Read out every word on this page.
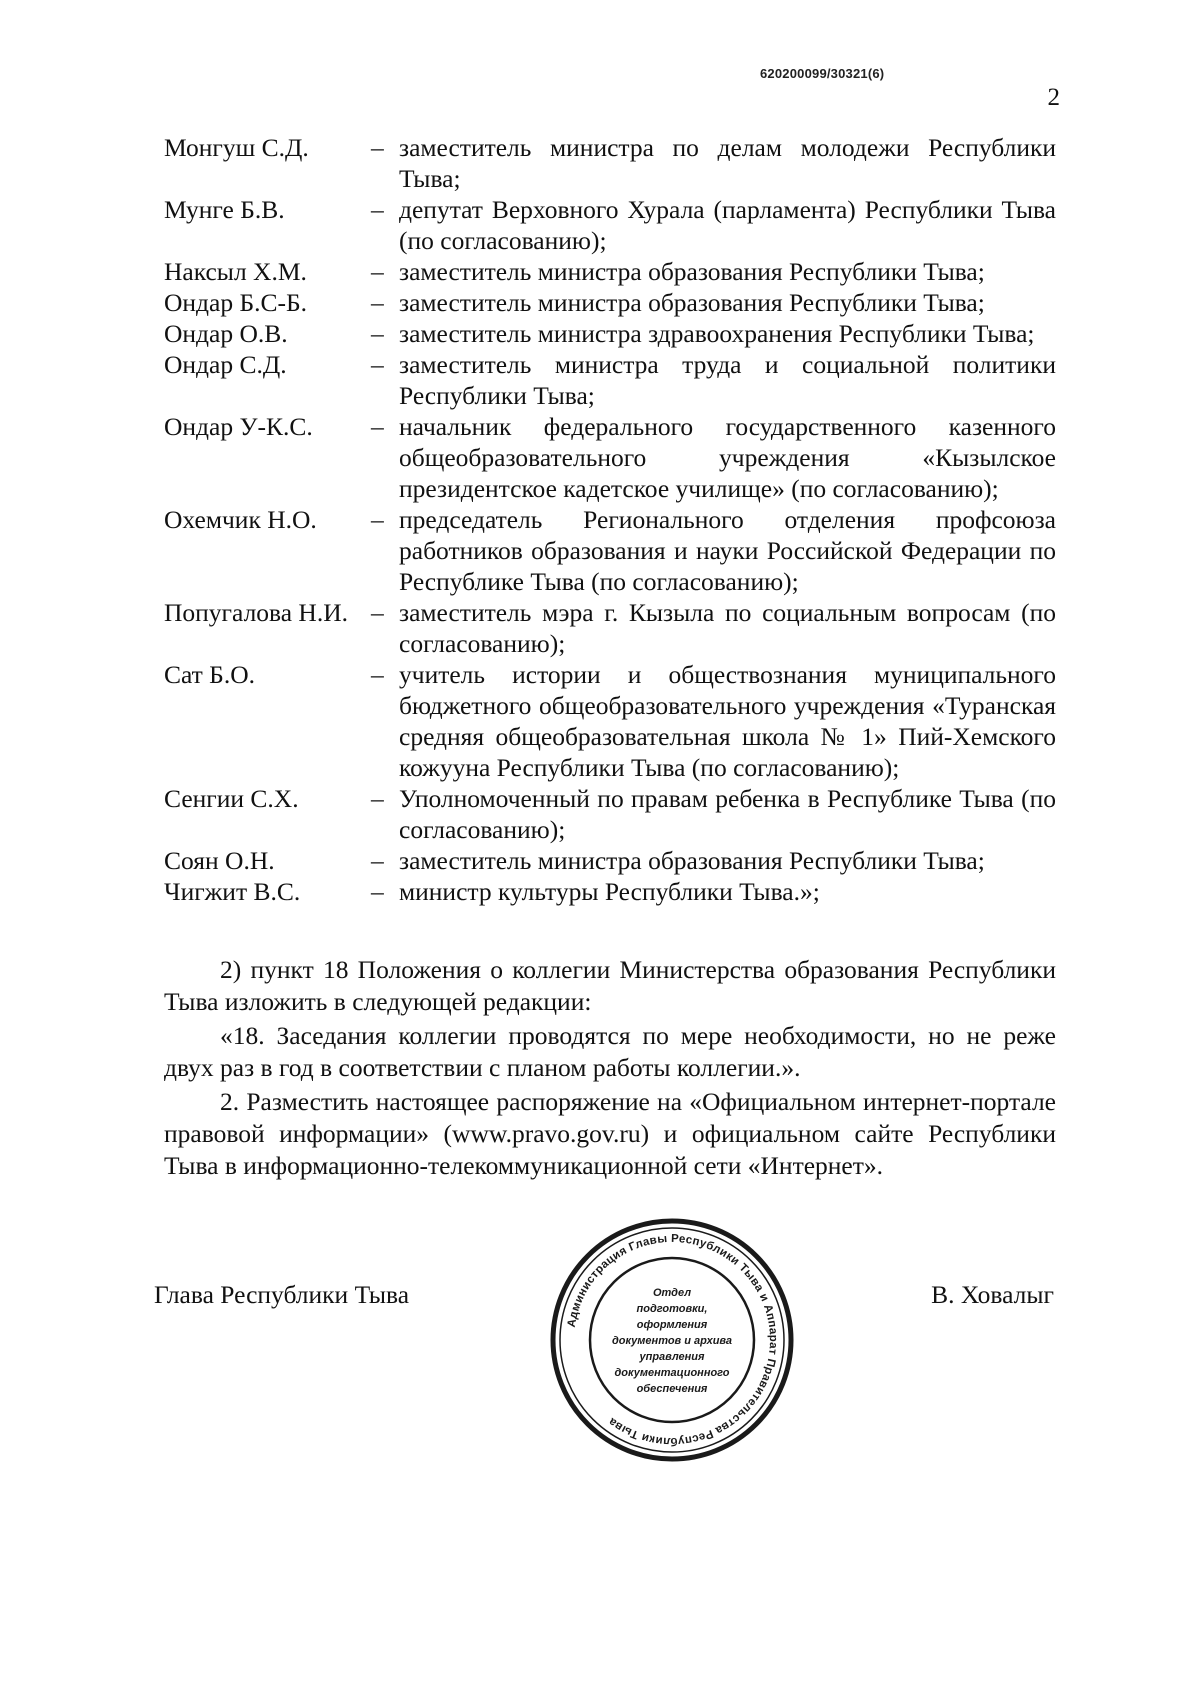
620200099/30321(6)
2
Монгуш С.Д.	– заместитель министра по делам молодежи Республики Тыва;
Мунге Б.В.	– депутат Верховного Хурала (парламента) Республики Тыва (по согласованию);
Наксыл Х.М.	– заместитель министра образования Республики Тыва;
Ондар Б.С-Б.	– заместитель министра образования Республики Тыва;
Ондар О.В.	– заместитель министра здравоохранения Республики Тыва;
Ондар С.Д.	– заместитель министра труда и социальной политики Республики Тыва;
Ондар У-К.С.	– начальник федерального государственного казенного общеобразовательного учреждения «Кызылское президентское кадетское училище» (по согласованию);
Охемчик Н.О.	– председатель Регионального отделения профсоюза работников образования и науки Российской Федерации по Республике Тыва (по согласованию);
Попугалова Н.И. – заместитель мэра г. Кызыла по социальным вопросам (по согласованию);
Сат Б.О.	– учитель истории и обществознания муниципального бюджетного общеобразовательного учреждения «Туранская средняя общеобразовательная школа № 1» Пий-Хемского кожууна Республики Тыва (по согласованию);
Сенгии С.Х.	– Уполномоченный по правам ребенка в Республике Тыва (по согласованию);
Соян О.Н.	– заместитель министра образования Республики Тыва;
Чигжит В.С.	– министр культуры Республики Тыва.»;

2) пункт 18 Положения о коллегии Министерства образования Республики Тыва изложить в следующей редакции:

«18. Заседания коллегии проводятся по мере необходимости, но не реже двух раз в год в соответствии с планом работы коллегии.».

2. Разместить настоящее распоряжение на «Официальном интернет-портале правовой информации» (www.pravo.gov.ru) и официальном сайте Республики Тыва в информационно-телекоммуникационной сети «Интернет».

Глава Республики Тыва	В. Ховалыг
Администрация Главы Республики Тыва и Аппарат Правительства Республики Тыва
Отдел
подготовки,
оформления
документов и архива
управления
документационного
обеспечения
